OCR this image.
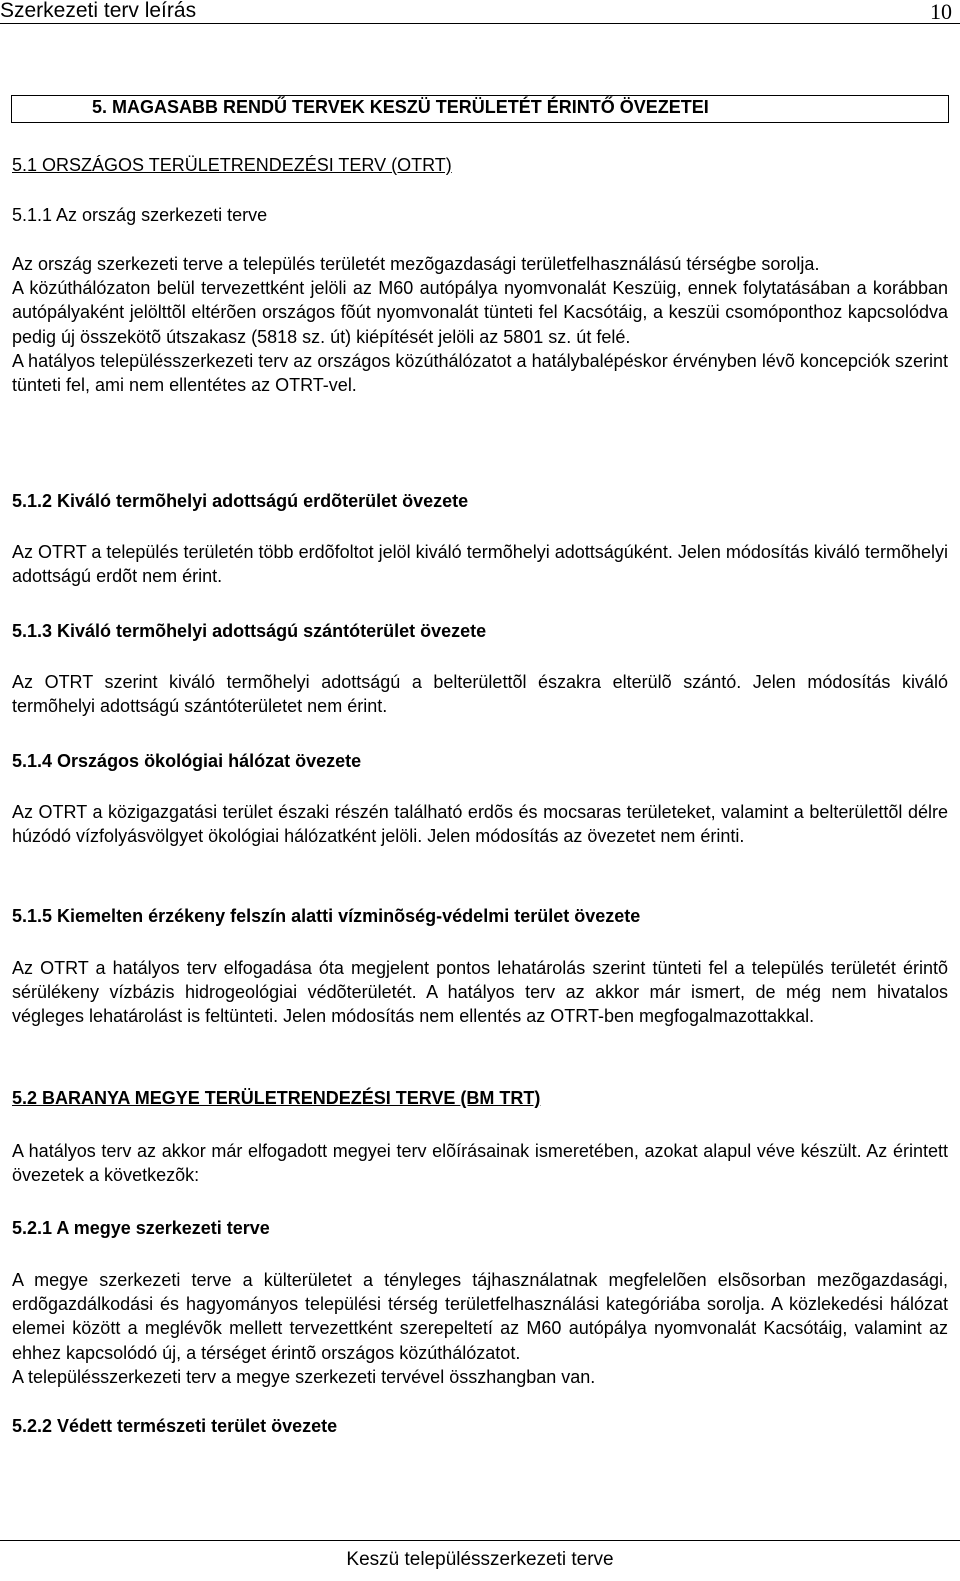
Szerkezeti terv leírás	10
5. MAGASABB RENDŰ TERVEK KESZÜ TERÜLETÉT ÉRINTŐ ÖVEZETEI

5.1 ORSZÁGOS TERÜLETRENDEZÉSI TERV (OTRT)

5.1.1 Az ország szerkezeti terve

Az ország szerkezeti terve a település területét mezõgazdasági területfelhasználású térségbe sorolja.

A közúthálózaton belül tervezettként jelöli az M60 autópálya nyomvonalát Keszüig, ennek folytatásában a korábban autópályaként jelölttõl eltérõen országos fõút nyomvonalát tünteti fel Kacsótáig, a keszüi csomóponthoz kapcsolódva pedig új összekötõ útszakasz (5818 sz. út) kiépítését jelöli az 5801 sz. út felé.

A hatályos településszerkezeti terv az országos közúthálózatot a hatálybalépéskor érvényben lévõ koncepciók szerint tünteti fel, ami nem ellentétes az OTRT-vel.

5.1.2 Kiváló termõhelyi adottságú erdõterület övezete

Az OTRT a település területén több erdõfoltot jelöl kiváló termõhelyi adottságúként. Jelen módosítás kiváló termõhelyi adottságú erdõt nem érint.

5.1.3 Kiváló termõhelyi adottságú szántóterület övezete

Az OTRT szerint kiváló termõhelyi adottságú a belterülettõl északra elterülõ szántó. Jelen módosítás kiváló termõhelyi adottságú szántóterületet nem érint.

5.1.4 Országos ökológiai hálózat övezete

Az OTRT a közigazgatási terület északi részén található erdõs és mocsaras területeket, valamint a belterülettõl délre húzódó vízfolyásvölgyet ökológiai hálózatként jelöli. Jelen módosítás az övezetet nem érinti.

5.1.5 Kiemelten érzékeny felszín alatti vízminõség-védelmi terület övezete

Az OTRT a hatályos terv elfogadása óta megjelent pontos lehatárolás szerint tünteti fel a település területét érintõ sérülékeny vízbázis hidrogeológiai védõterületét. A hatályos terv az akkor már ismert, de még nem hivatalos végleges lehatárolást is feltünteti. Jelen módosítás nem ellentés az OTRT-ben megfogalmazottakkal.

5.2 BARANYA MEGYE TERÜLETRENDEZÉSI TERVE (BM TRT)

A hatályos terv az akkor már elfogadott megyei terv elõírásainak ismeretében, azokat alapul véve készült. Az érintett övezetek a következõk:

5.2.1 A megye szerkezeti terve

A megye szerkezeti terve a külterületet a tényleges tájhasználatnak megfelelõen elsõsorban mezõgazdasági, erdõgazdálkodási és hagyományos települési térség területfelhasználási kategóriába sorolja. A közlekedési hálózat elemei között a meglévõk mellett tervezettként szerepeltetí az M60 autópálya nyomvonalát Kacsótáig, valamint az ehhez kapcsolódó új, a térséget érintõ országos közúthálózatot.

A településszerkezeti terv a megye szerkezeti tervével összhangban van.

5.2.2 Védett természeti terület övezete

Keszü településszerkezeti terve
